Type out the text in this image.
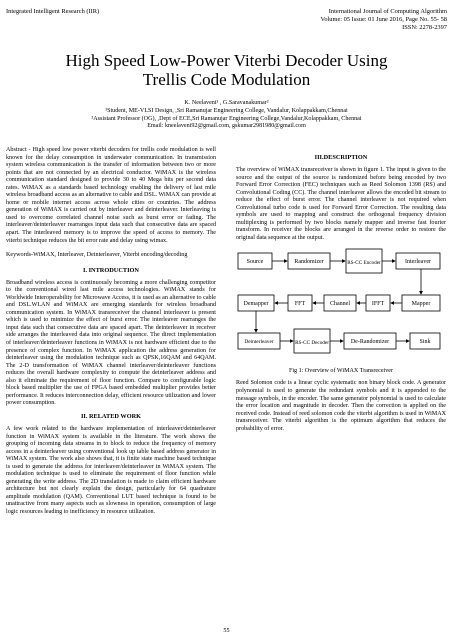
Integrated Intelligent Research (IIR)	International Journal of Computing Algorithm
Volume: 05 Issue: 01 June 2016, Page No. 55- 58
ISSN: 2278-2397
High Speed Low-Power Viterbi Decoder Using
Trellis Code Modulation
K. Neelaveni¹ , G.Saravanakumar²
¹Student, ME-VLSI Design, ,Sri Ramanujar Engineering College, Vandalur, Kolappakkam,Chennai
²Assistant Professor (OG), ,Dept of ECE,Sri Ramanujar Engineering College,Vandalur,Kolappakkam, Chennai
Email: kneelaveni92@gmail.com, gskumar2981980@gmail.com

Abstract - High speed low power viterbi decoders for trellis code modulation is well known for the delay consumption in underwater communication. In transmission system wireless communication is the transfer of information between two or more points that are not connected by an electrical conductor. WiMAX is the wireless communication standard designed to provide 30 to 40 Mega bits per second data rates. WiMAX as a standards based technology enabling the delivery of last mile wireless broadband access as an alternative to cable and DSL. WiMAX can provide at home or mobile internet access across whole cities or countries. The address generation of WiMAX is carried out by interleaver and deinterleaver. Interleaving is used to overcome correlated channel noise such as burst error or fading. The interleaver/deinterleaver rearranges input data such that consecutive data are spaced apart. The interleaved memory is to improve the speed of access to memory. The viterbi technique reduces the bit error rate and delay using wimax.

Keywords-WiMAX, Interleaver, Deinterleaver, Viterbi encoding/decoding

I. INTRODUCTION

Broadband wireless access is continuously becoming a more challenging competitor to the conventional wired last mile access technologies. WiMAX stands for Worldwide Interoperability for Microwave Access, it is used as an alternative to cable and DSL.WLAN and WiMAX are emerging standards for wireless broadband communication system. In WiMAX transreceiver the channel interleaver is present which is used to minimize the effect of burst error. The interleaver rearranges the input data such that consecutive data are spaced apart. The deinterleaver in receiver side arranges the interleaved data into original sequence. The direct implementation of interleaver/deinterleaver functions in WiMAX is not hardware efficient due to the presence of complex function. In WiMAX application the address generation for deinterleaver using the modulation technique such as QPSK,16QAM and 64QAM. The 2-D transformation of WiMAX channel interleaver/deinterleaver functions reduces the overall hardware complexity to compute the deinterleaver address and also it eliminate the requirement of floor function. Compare to configurable logic block based multiplier the use of FPGA based embedded multiplier provides better performance. It reduces interconnection delay, efficient resource utilization and lower power consumption.

II. RELATED WORK

A few work related to the hardware implementation of interleaver/deinterleaver function in WiMAX system is available in the literature. The work shows the grouping of incoming data streams in to block to reduce the frequency of memory access in a deinterleaver using conventional look up table based address generator in WiMAX system. The work also shows that, it is finite state machine based technique is used to generate the address for interleaver/deinterleaver in WiMAX system. The modulation technique is used to eliminate the requirement of floor function while generating the write address. The 2D translation is made to claim efficient hardware architecture but not clearly explain the design, particularly for 64 quadrature amplitude modulation (QAM). Conventional LUT based technique is found to be unattractive from many aspects such as slowness in operation, consumption of large logic resources leading to inefficiency in resource utilization.

III.DESCRIPTION

The overview of WiMAX transreceiver is shown in figure 1. The input is given to the source and the output of the source is randomized before being encoded by two Forward Error Correction (FEC) techniques such as Reed Solomon 1398 (RS) and Convolutional Coding (CC). The channel interleaver allows the encoded bit stream to reduce the effect of burst error. The channel interleaver is not required when Convolutional turbo code is used for Forward Error Correction. The resulting data symbols are used to mapping and construct the orthogonal frequency division multiplexing is performed by two blocks namely mapper and inverse fast fourier transform. In receiver the blocks are arranged in the reverse order to restore the original data sequence at the output.

Source	Randomizer	RS-CC Encoder	Interleaver
Demapper	FFT	Channel	IFFT	Mapper
Deinterleaver	RS-CC Decoder	De-Randomizer	Sink
Fig 1: Overview of WiMAX Transreceiver

Reed Solomon code is a linear cyclic systematic non binary block code. A generator polynomial is used to generate the redundant symbols and it is appended to the message symbols, in the encoder. The same generator polynomial is used to calculate the error location and magnitude in decoder. Then the correction is applied on the received code. Instead of reed solomon code the viterbi algorithm is used in WiMAX transreceiver. The viterbi algorithm is the optimum algorithm that reduces the probability of error.

55
